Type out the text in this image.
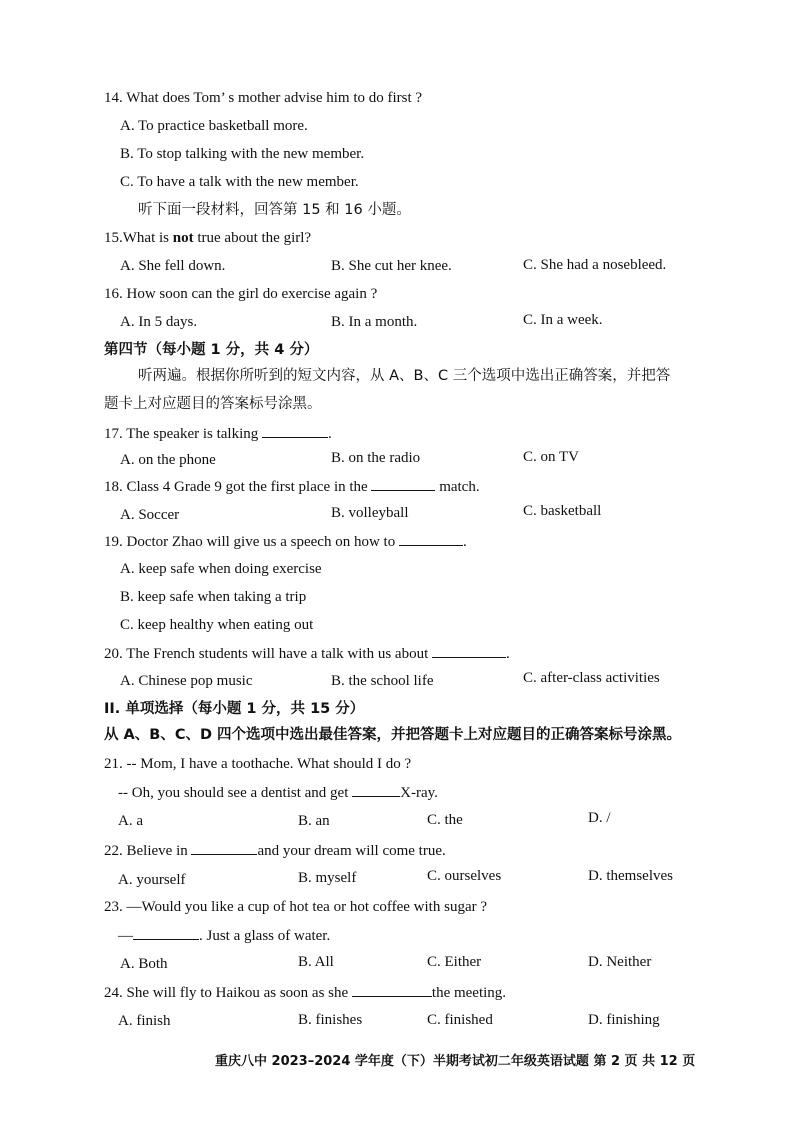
14. What does Tom’ s mother advise him to do first ?
A. To practice basketball more.
B. To stop talking with the new member.
C. To have a talk with the new member.
听下面一段材料，回答第 15 和 16 小题。
15.What is not true about the girl?
A. She fell down.	B. She cut her knee.	C. She had a nosebleed.
16. How soon can the girl do exercise again ?
A. In 5 days.	B. In a month.	C. In a week.
第四节（每小题 1 分，共 4 分）
听两遍。根据你所听到的短文内容，从 A、B、C 三个选项中选出正确答案，并把答
题卡上对应题目的答案标号涂黑。
17. The speaker is talking	.
A. on the phone	B. on the radio	C. on TV
18. Class 4 Grade 9 got the first place in the	match.
A. Soccer	B. volleyball	C. basketball
19. Doctor Zhao will give us a speech on how to	.
A. keep safe when doing exercise
B. keep safe when taking a trip
C. keep healthy when eating out
20. The French students will have a talk with us about	.
A. Chinese pop music	B. the school life	C. after-class activities
II. 单项选择（每小题 1 分，共 15 分）
从 A、B、C、D 四个选项中选出最佳答案，并把答题卡上对应题目的正确答案标号涂黑。
21. -- Mom, I have a toothache. What should I do ?
-- Oh, you should see a dentist and get	X-ray.
A. a	B. an	C. the	D. /
22. Believe in	and your dream will come true.
A. yourself	B. myself	C. ourselves	D. themselves
23. —Would you like a cup of hot tea or hot coffee with sugar ?
—	. Just a glass of water.
A. Both	B. All	C. Either	D. Neither
24. She will fly to Haikou as soon as she	the meeting.
A. finish	B. finishes	C. finished	D. finishing
重庆八中 2023–2024 学年度（下）半期考试初二年级英语试题 第 2 页 共 12 页
